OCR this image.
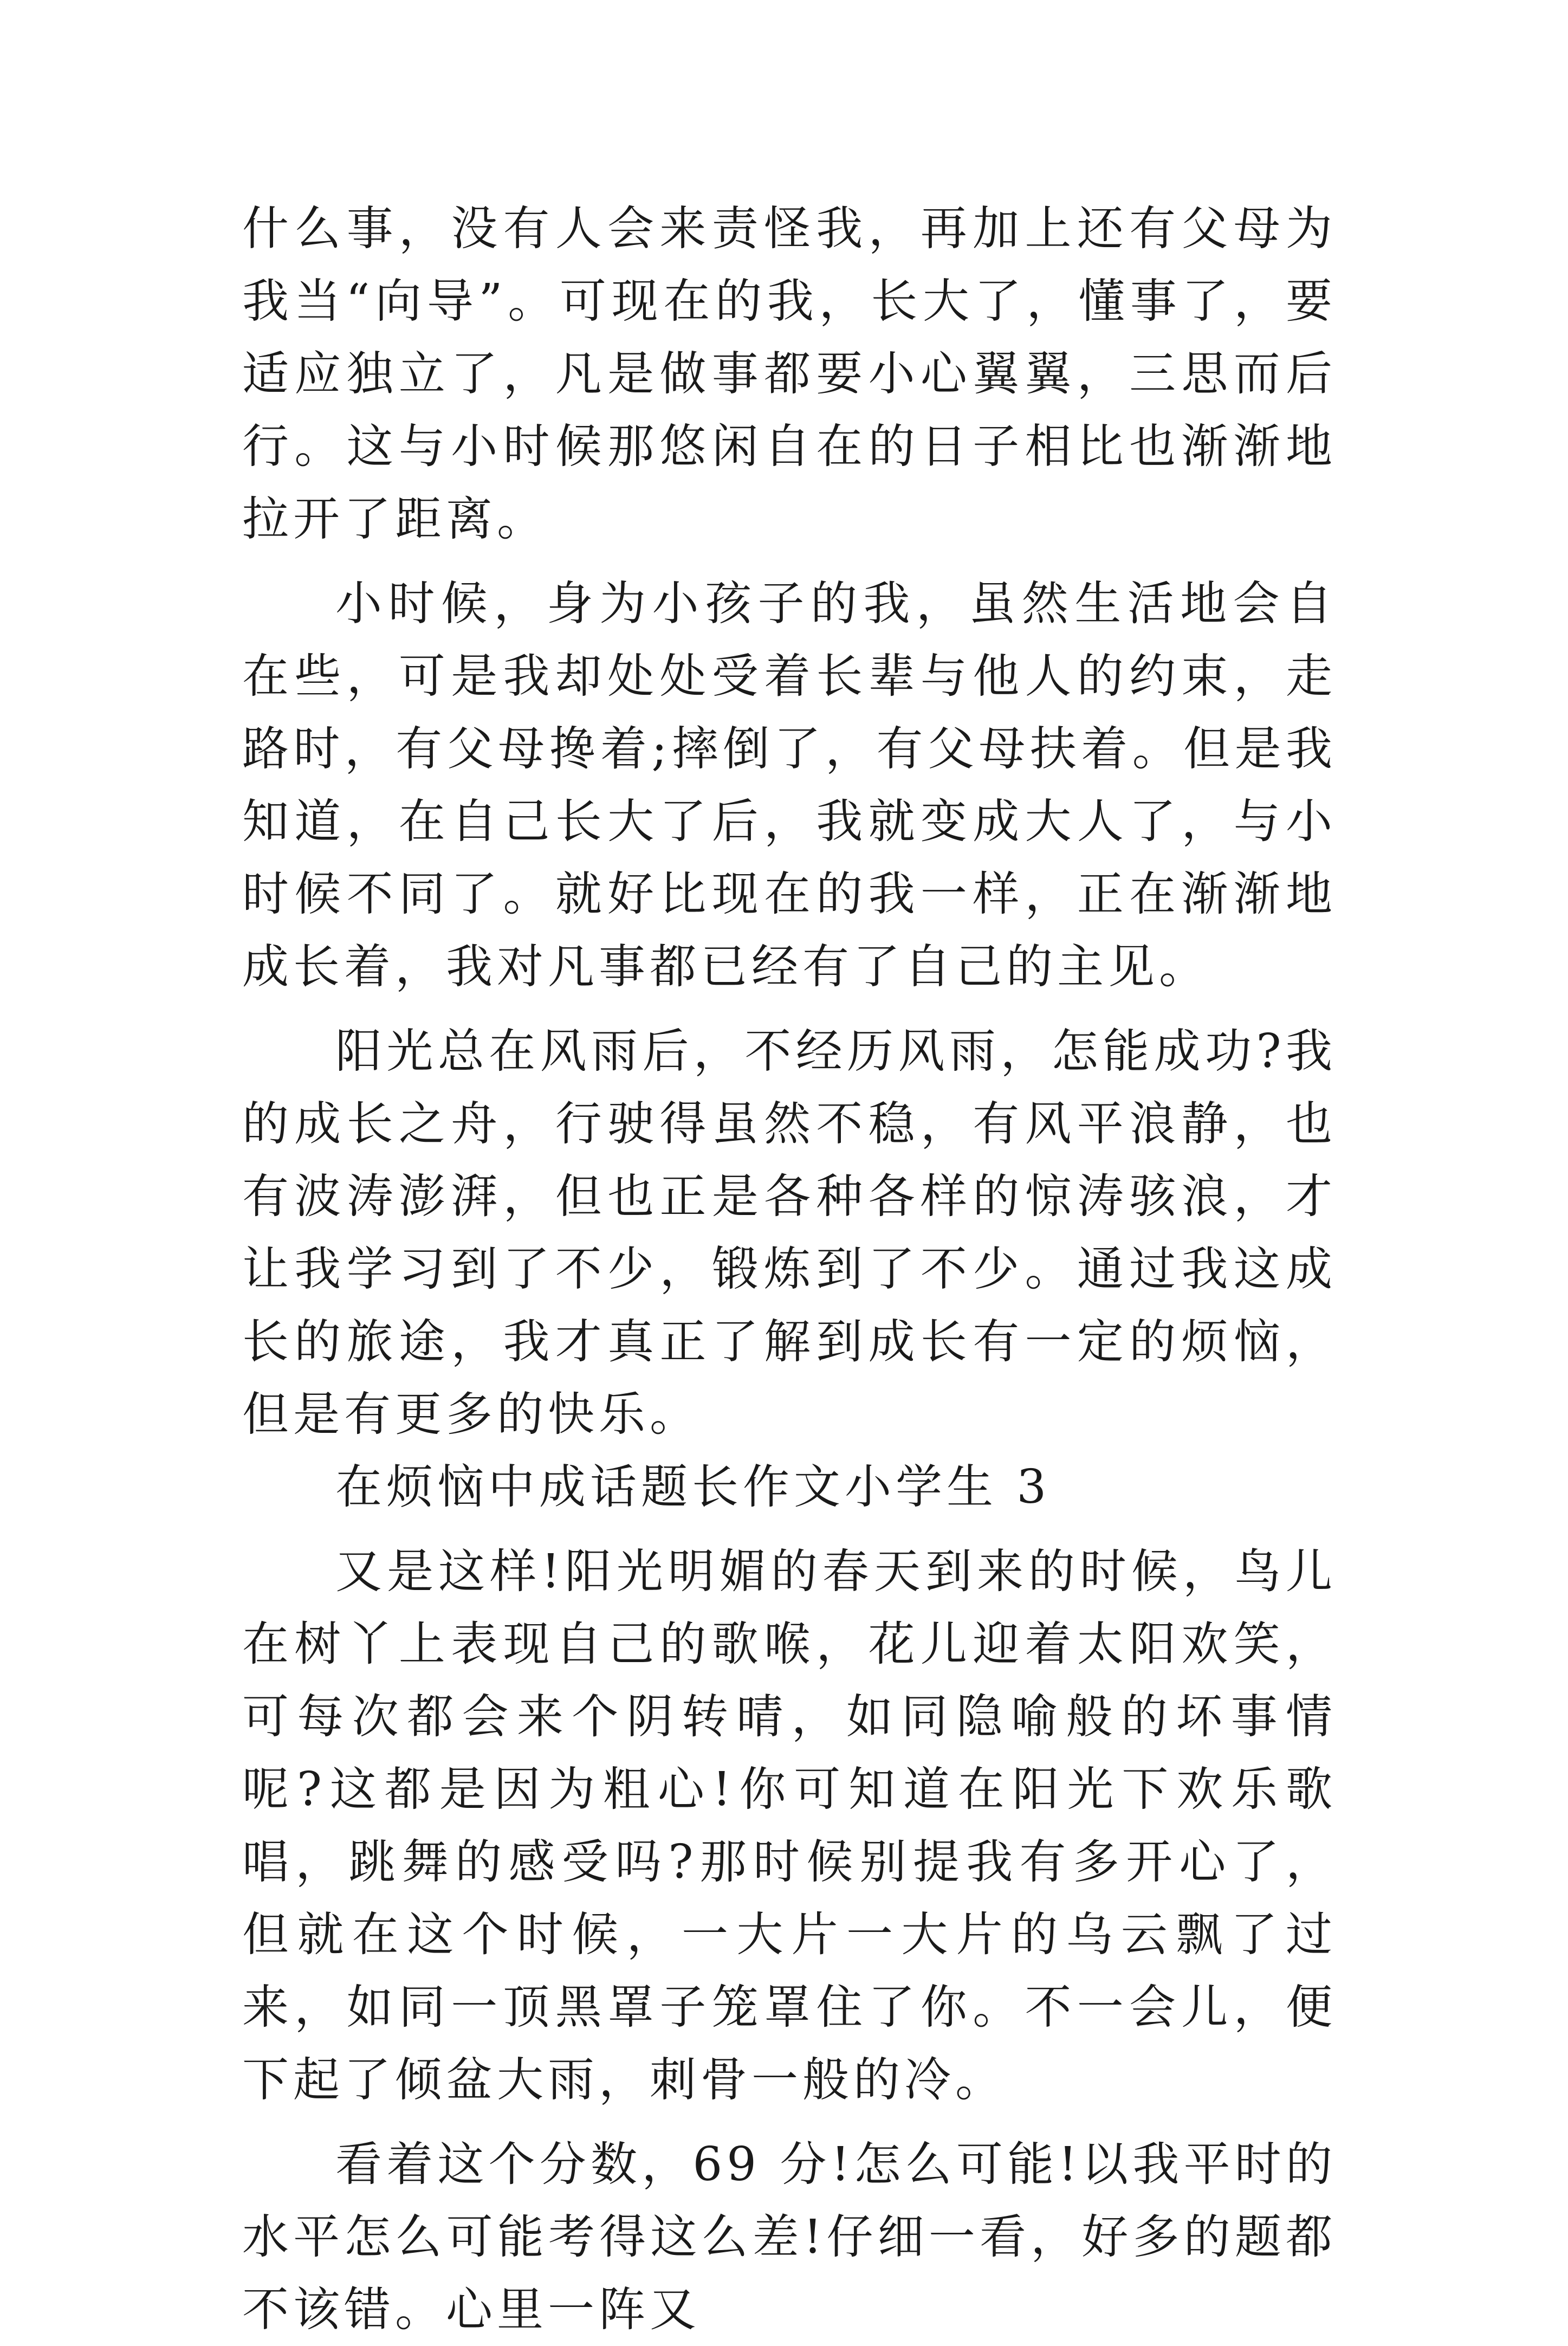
什么事，没有人会来责怪我，再加上还有父母为我当“向导”。可现在的我，长大了，懂事了，要适应独立了，凡是做事都要小心翼翼，三思而后行。这与小时候那悠闲自在的日子相比也渐渐地拉开了距离。

小时候，身为小孩子的我，虽然生活地会自在些，可是我却处处受着长辈与他人的约束，走路时，有父母搀着;摔倒了，有父母扶着。但是我知道，在自己长大了后，我就变成大人了，与小时候不同了。就好比现在的我一样，正在渐渐地成长着，我对凡事都已经有了自己的主见。

阳光总在风雨后，不经历风雨，怎能成功?我的成长之舟，行驶得虽然不稳，有风平浪静，也有波涛澎湃，但也正是各种各样的惊涛骇浪，才让我学习到了不少，锻炼到了不少。通过我这成长的旅途，我才真正了解到成长有一定的烦恼，但是有更多的快乐。

在烦恼中成话题长作文小学生 3

又是这样!阳光明媚的春天到来的时候，鸟儿在树丫上表现自己的歌喉，花儿迎着太阳欢笑，可每次都会来个阴转晴，如同隐喻般的坏事情呢?这都是因为粗心!你可知道在阳光下欢乐歌唱，跳舞的感受吗?那时候别提我有多开心了，但就在这个时候，一大片一大片的乌云飘了过来，如同一顶黑罩子笼罩住了你。不一会儿，便下起了倾盆大雨，刺骨一般的冷。

看着这个分数，69 分!怎么可能!以我平时的水平怎么可能考得这么差!仔细一看，好多的题都不该错。心里一阵又
